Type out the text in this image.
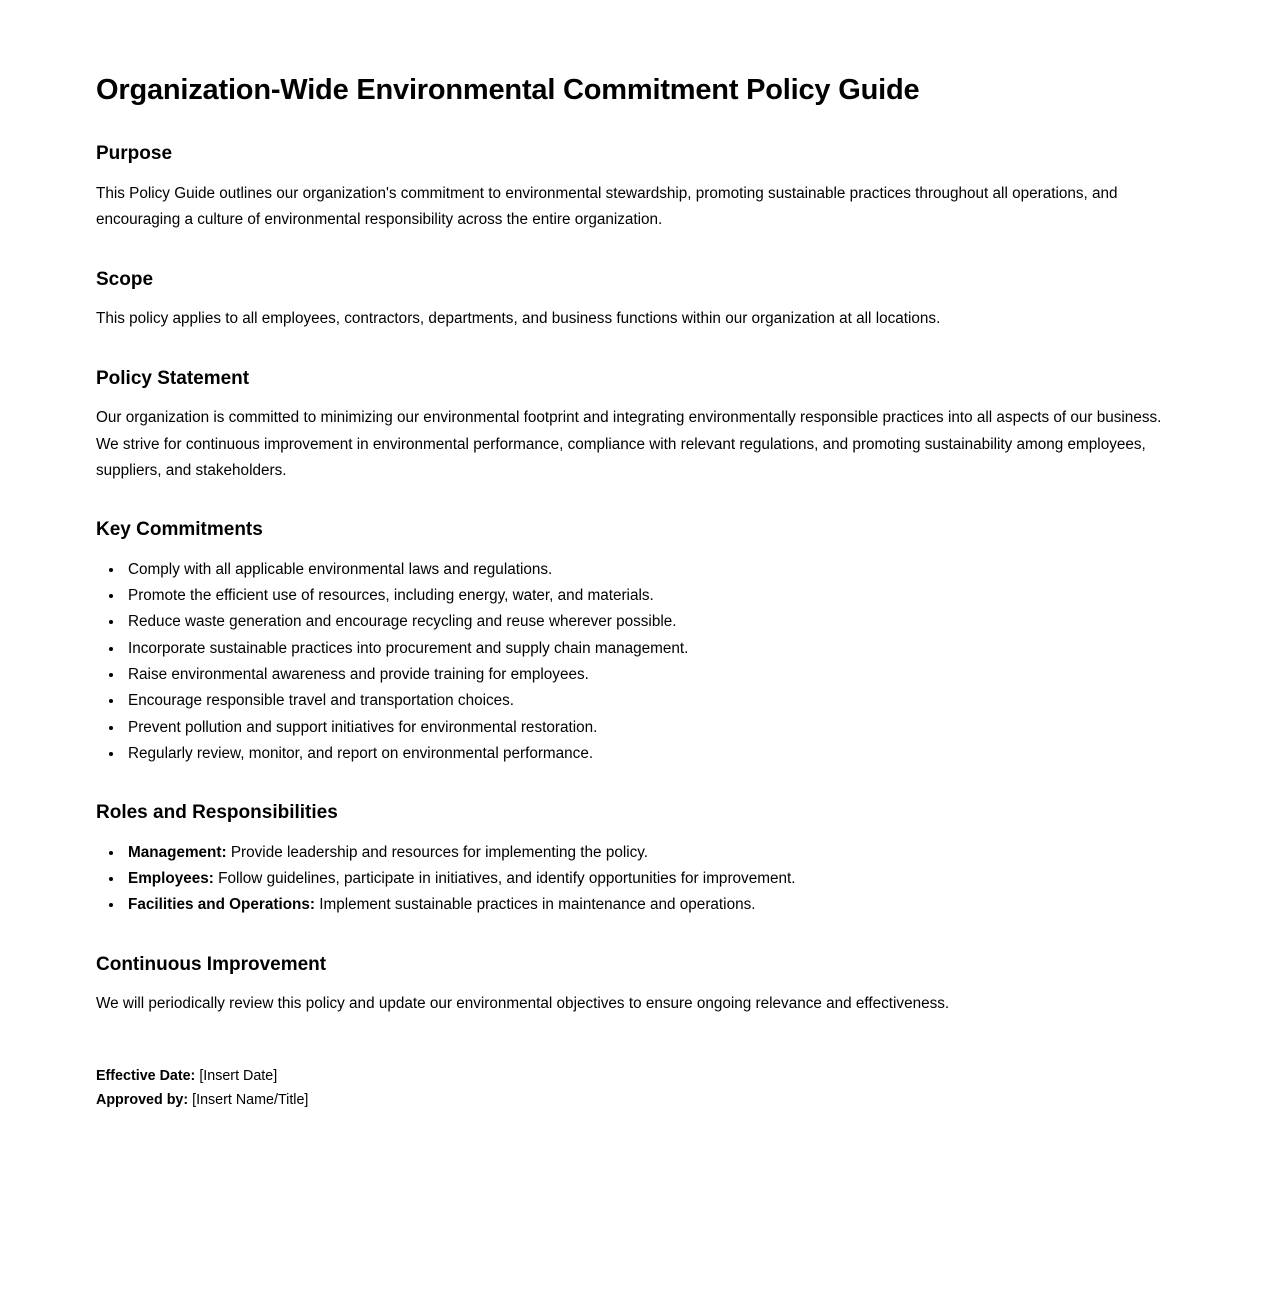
Organization-Wide Environmental Commitment Policy Guide
Purpose

This Policy Guide outlines our organization's commitment to environmental stewardship, promoting sustainable practices throughout all operations, and encouraging a culture of environmental responsibility across the entire organization.

Scope

This policy applies to all employees, contractors, departments, and business functions within our organization at all locations.

Policy Statement

Our organization is committed to minimizing our environmental footprint and integrating environmentally responsible practices into all aspects of our business. We strive for continuous improvement in environmental performance, compliance with relevant regulations, and promoting sustainability among employees, suppliers, and stakeholders.

Key Commitments
• Comply with all applicable environmental laws and regulations.
• Promote the efficient use of resources, including energy, water, and materials.
• Reduce waste generation and encourage recycling and reuse wherever possible.
• Incorporate sustainable practices into procurement and supply chain management.
• Raise environmental awareness and provide training for employees.
• Encourage responsible travel and transportation choices.
• Prevent pollution and support initiatives for environmental restoration.
• Regularly review, monitor, and report on environmental performance.
Roles and Responsibilities
• Management: Provide leadership and resources for implementing the policy.
• Employees: Follow guidelines, participate in initiatives, and identify opportunities for improvement.
• Facilities and Operations: Implement sustainable practices in maintenance and operations.
Continuous Improvement

We will periodically review this policy and update our environmental objectives to ensure ongoing relevance and effectiveness.

Effective Date: [Insert Date]

Approved by: [Insert Name/Title]
